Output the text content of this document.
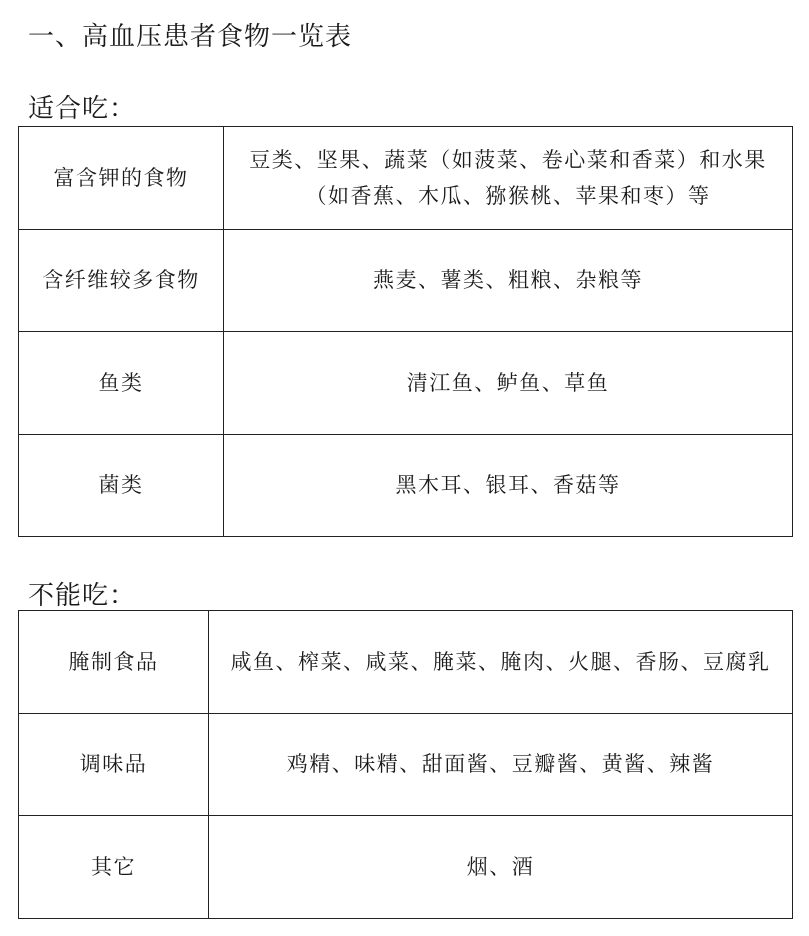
一、高血压患者食物一览表
适合吃：
富含钾的食物	豆类、坚果、蔬菜（如菠菜、卷心菜和香菜）和水果（如香蕉、木瓜、猕猴桃、苹果和枣）等
含纤维较多食物	燕麦、薯类、粗粮、杂粮等
鱼类	清江鱼、鲈鱼、草鱼
菌类	黑木耳、银耳、香菇等
不能吃：
腌制食品	咸鱼、榨菜、咸菜、腌菜、腌肉、火腿、香肠、豆腐乳
调味品	鸡精、味精、甜面酱、豆瓣酱、黄酱、辣酱
其它	烟、酒
